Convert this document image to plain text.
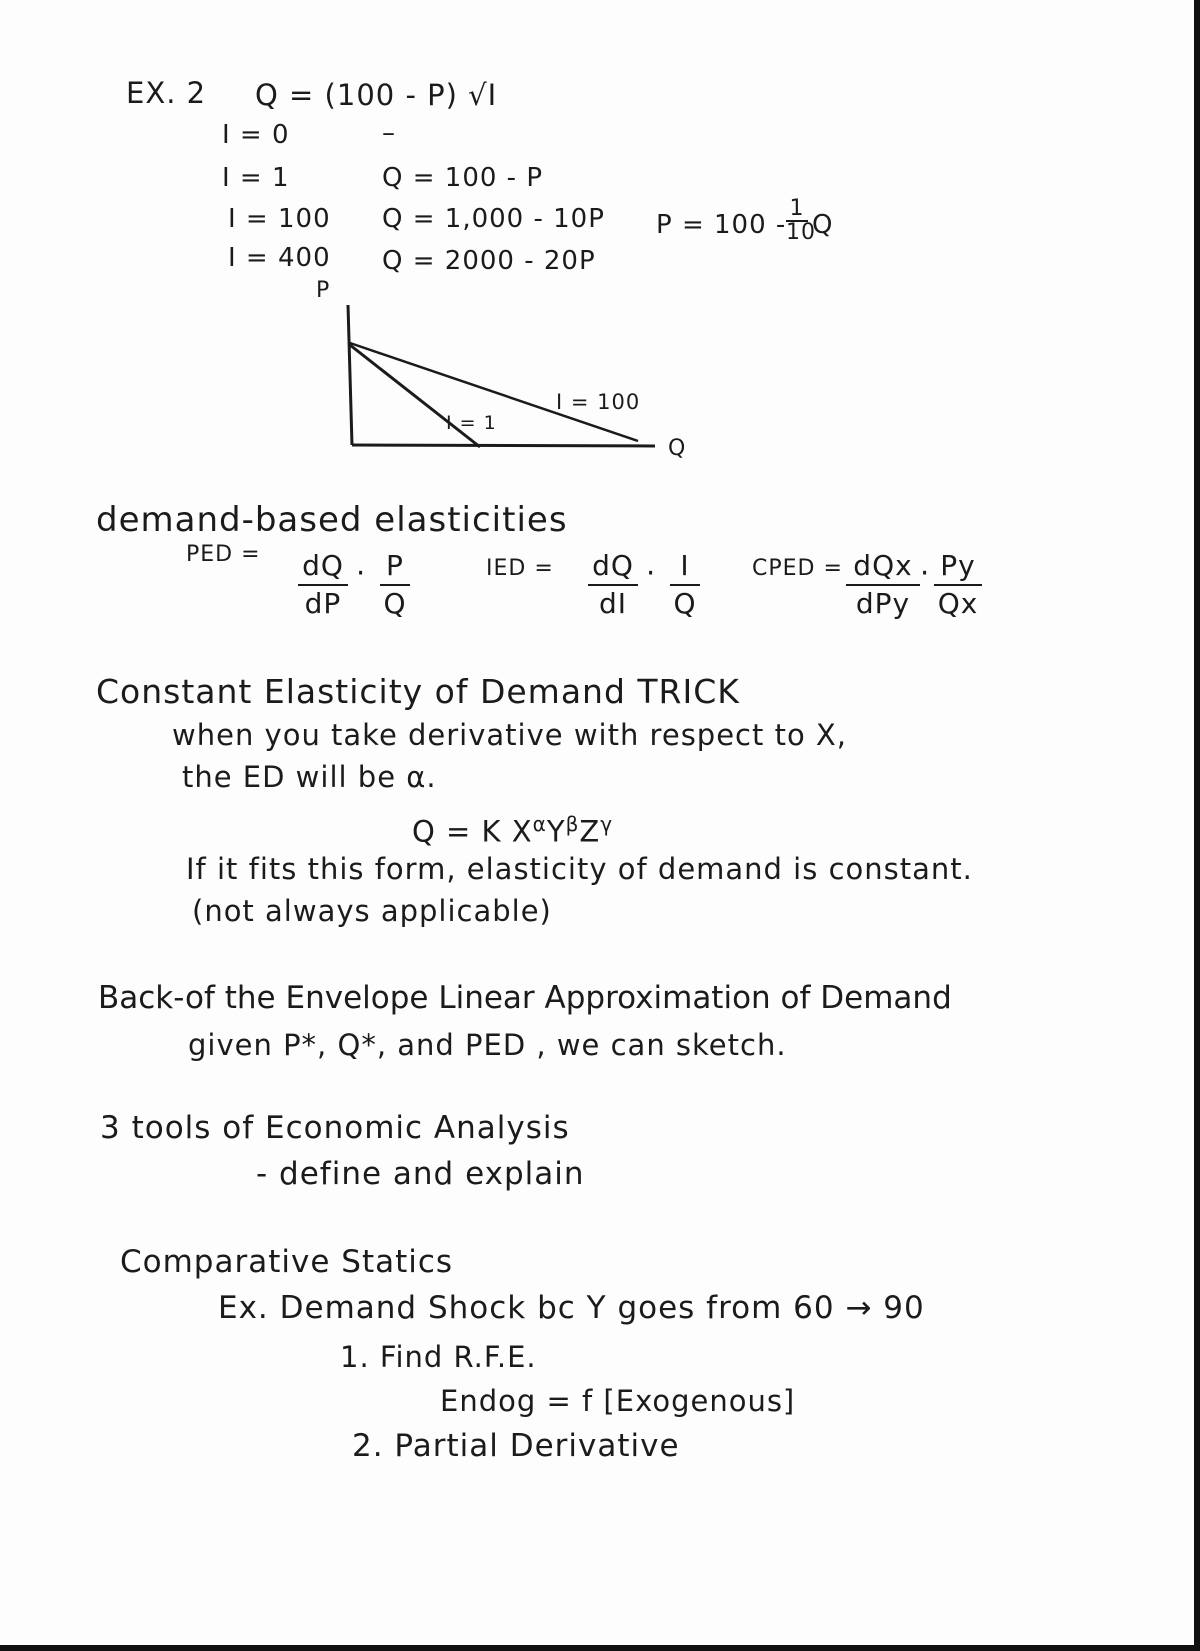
EX. 2 Q = (100 - P) √I
I = 0	–
I = 1	Q = 100 - P
I = 100 Q = 1,000 - 10P
I = 400 Q = 2000 - 20P
$P = 100 - \frac{1}{10}$ Q
P
Q
I = 1
I = 100
demand-based elasticities
PED = $\frac{dQ}{dP} \cdot \frac{P}{Q}$	IED = $\frac{dQ}{dI} \cdot \frac{I}{Q}$ CPED = dQx
dPy
· $\frac{Py}{Qx}$
Constant Elasticity of Demand TRICK
when you take derivative with respect to X,
the ED will be α.
Q = K $X^\alpha Y^\beta Z^\gamma$
If it fits this form, elasticity of demand is constant.
(not always applicable)
Back-of the Envelope Linear Approximation of Demand
given P*, Q*, and PED , we can sketch.
3 tools of Economic Analysis
- define and explain
Comparative Statics
Ex. Demand Shock bc Y goes from 60 → 90
1. Find R.F.E.
Endog = f [Exogenous]
2. Partial Derivative
